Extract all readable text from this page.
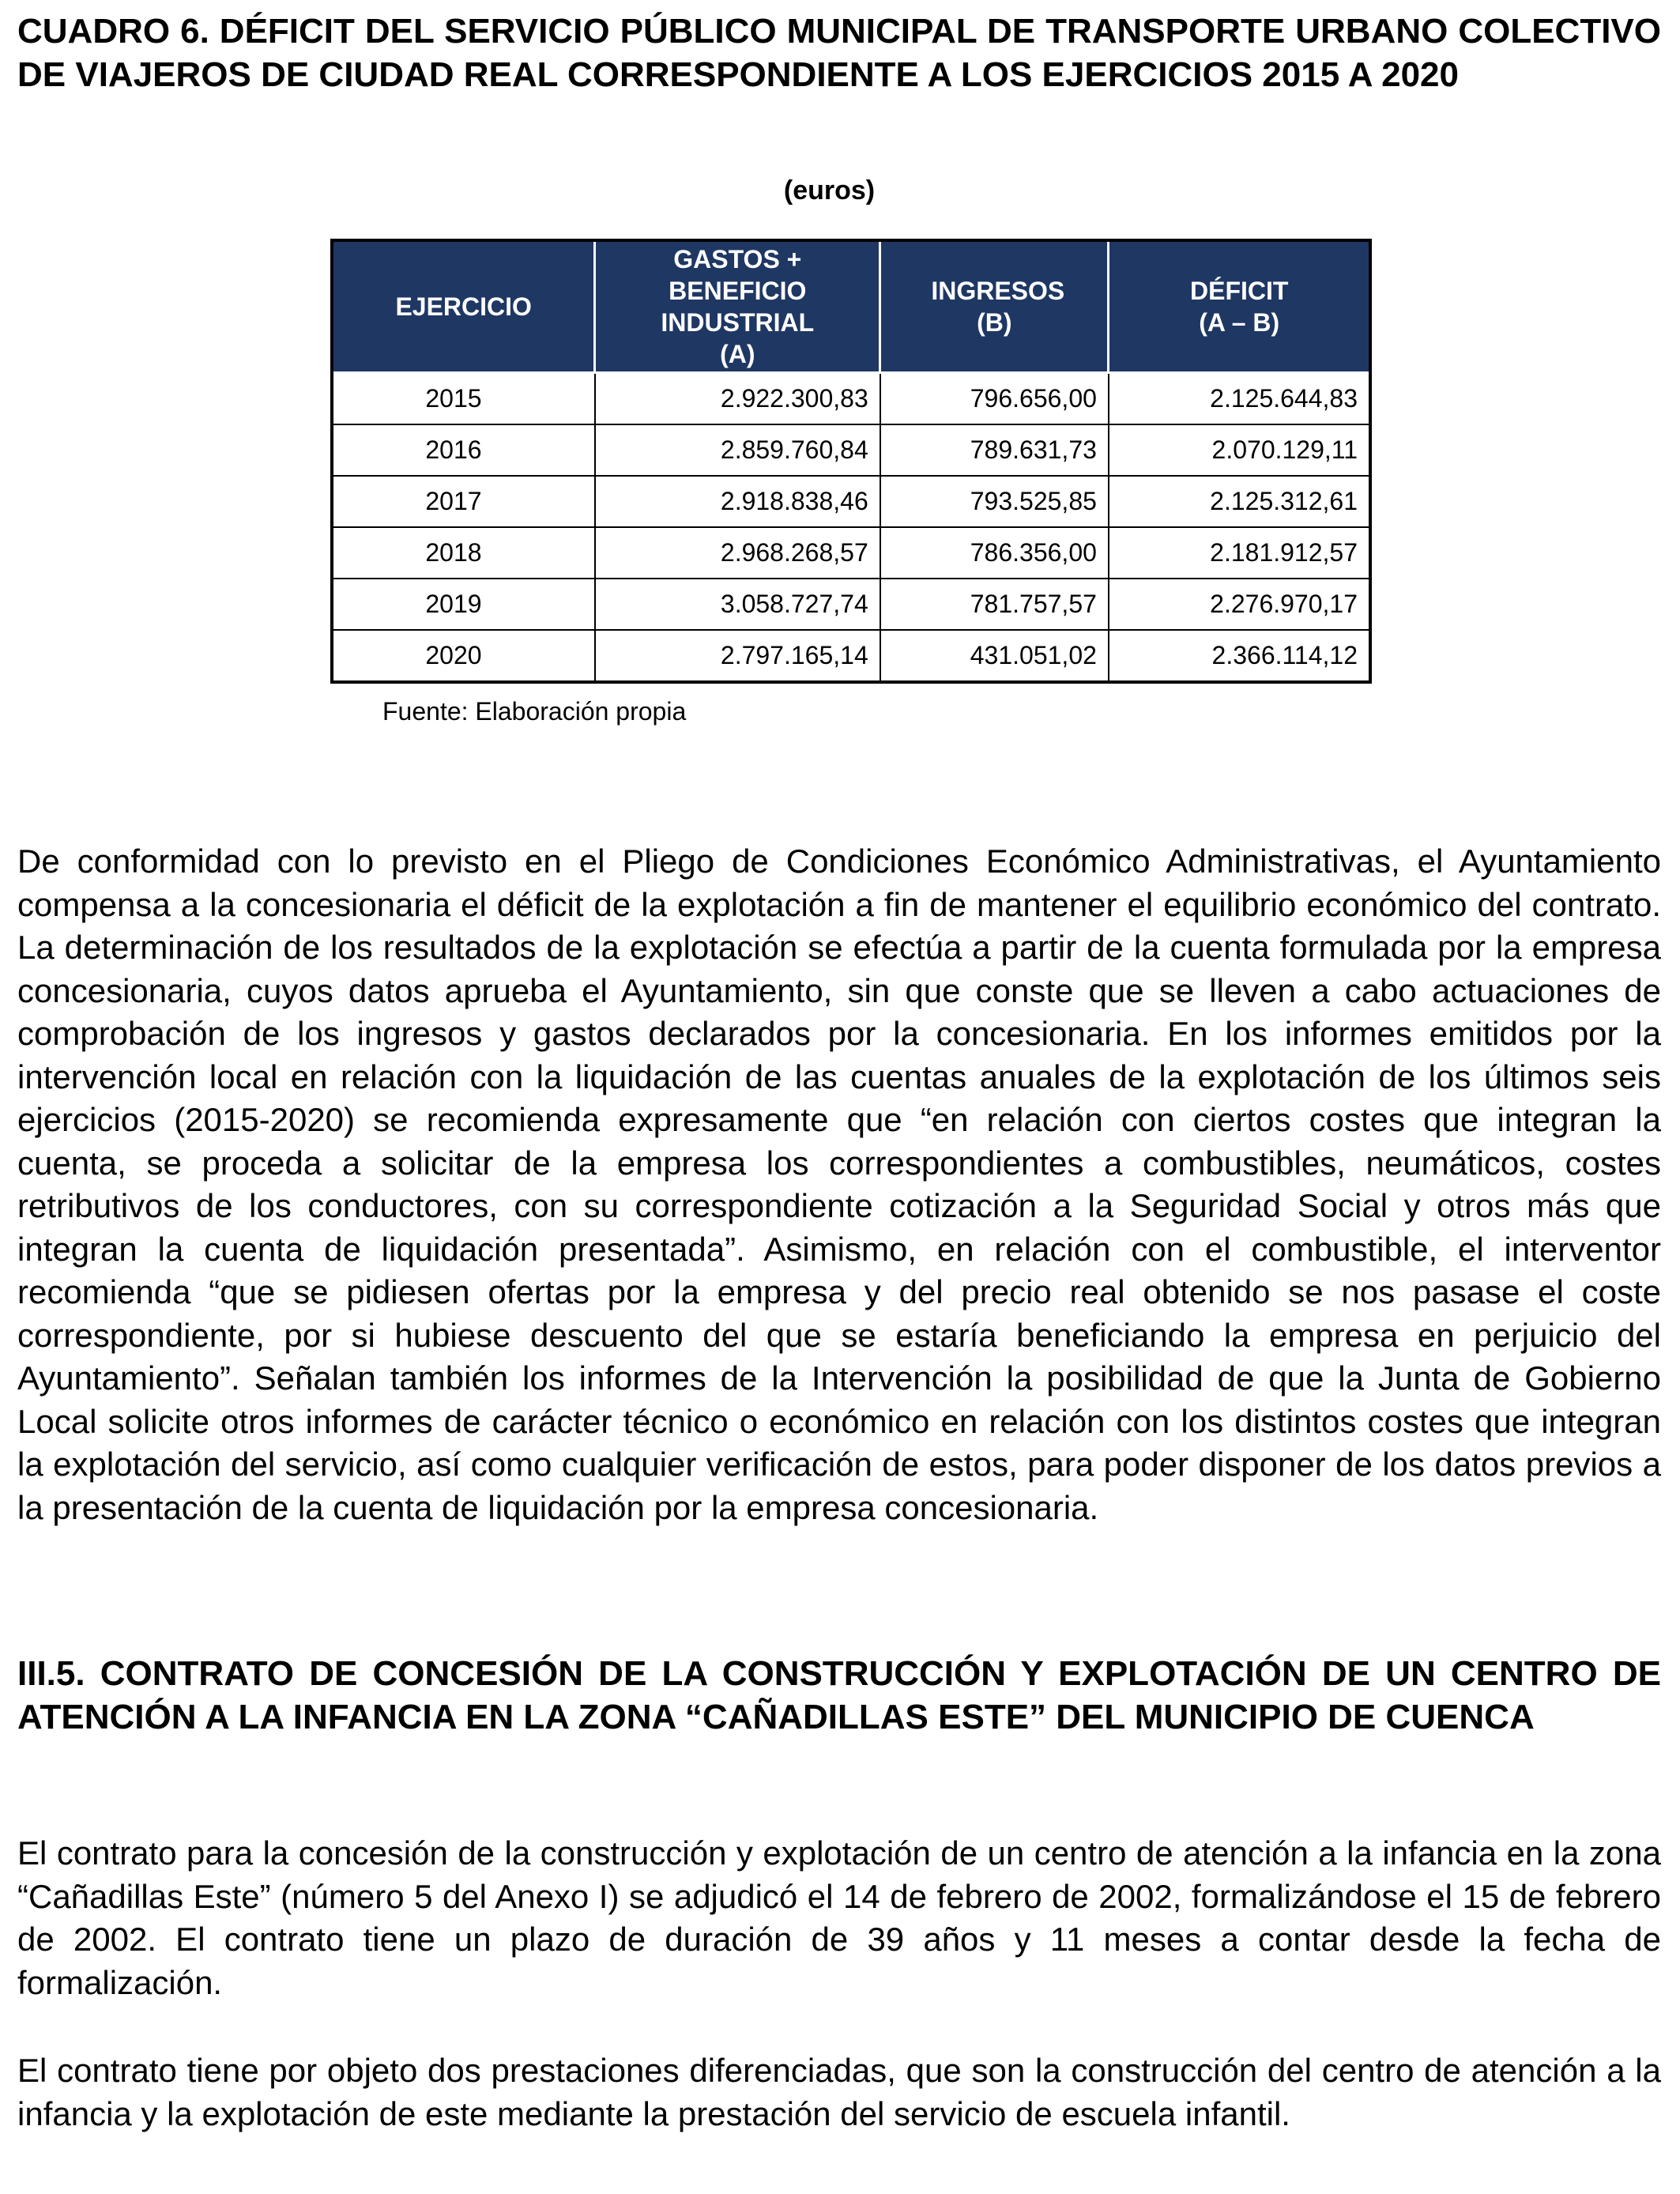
CUADRO 6. DÉFICIT DEL SERVICIO PÚBLICO MUNICIPAL DE TRANSPORTE URBANO COLECTIVO DE VIAJEROS DE CIUDAD REAL CORRESPONDIENTE A LOS EJERCICIOS 2015 A 2020
(euros)
EJERCICIO	GASTOS + BENEFICIO INDUSTRIAL (A)	INGRESOS (B)	DÉFICIT (A – B)
2015	2.922.300,83	796.656,00	2.125.644,83
2016	2.859.760,84	789.631,73	2.070.129,11
2017	2.918.838,46	793.525,85	2.125.312,61
2018	2.968.268,57	786.356,00	2.181.912,57
2019	3.058.727,74	781.757,57	2.276.970,17
2020	2.797.165,14	431.051,02	2.366.114,12
Fuente: Elaboración propia

De conformidad con lo previsto en el Pliego de Condiciones Económico Administrativas, el Ayuntamiento compensa a la concesionaria el déficit de la explotación a fin de mantener el equilibrio económico del contrato. La determinación de los resultados de la explotación se efectúa a partir de la cuenta formulada por la empresa concesionaria, cuyos datos aprueba el Ayuntamiento, sin que conste que se lleven a cabo actuaciones de comprobación de los ingresos y gastos declarados por la concesionaria. En los informes emitidos por la intervención local en relación con la liquidación de las cuentas anuales de la explotación de los últimos seis ejercicios (2015-2020) se recomienda expresamente que “en relación con ciertos costes que integran la cuenta, se proceda a solicitar de la empresa los correspondientes a combustibles, neumáticos, costes retributivos de los conductores, con su correspondiente cotización a la Seguridad Social y otros más que integran la cuenta de liquidación presentada”. Asimismo, en relación con el combustible, el interventor recomienda “que se pidiesen ofertas por la empresa y del precio real obtenido se nos pasase el coste correspondiente, por si hubiese descuento del que se estaría beneficiando la empresa en perjuicio del Ayuntamiento”. Señalan también los informes de la Intervención la posibilidad de que la Junta de Gobierno Local solicite otros informes de carácter técnico o económico en relación con los distintos costes que integran la explotación del servicio, así como cualquier verificación de estos, para poder disponer de los datos previos a la presentación de la cuenta de liquidación por la empresa concesionaria.

III.5. CONTRATO DE CONCESIÓN DE LA CONSTRUCCIÓN Y EXPLOTACIÓN DE UN CENTRO DE ATENCIÓN A LA INFANCIA EN LA ZONA “CAÑADILLAS ESTE” DEL MUNICIPIO DE CUENCA

El contrato para la concesión de la construcción y explotación de un centro de atención a la infancia en la zona “Cañadillas Este” (número 5 del Anexo I) se adjudicó el 14 de febrero de 2002, formalizándose el 15 de febrero de 2002. El contrato tiene un plazo de duración de 39 años y 11 meses a contar desde la fecha de formalización.

El contrato tiene por objeto dos prestaciones diferenciadas, que son la construcción del centro de atención a la infancia y la explotación de este mediante la prestación del servicio de escuela infantil.
